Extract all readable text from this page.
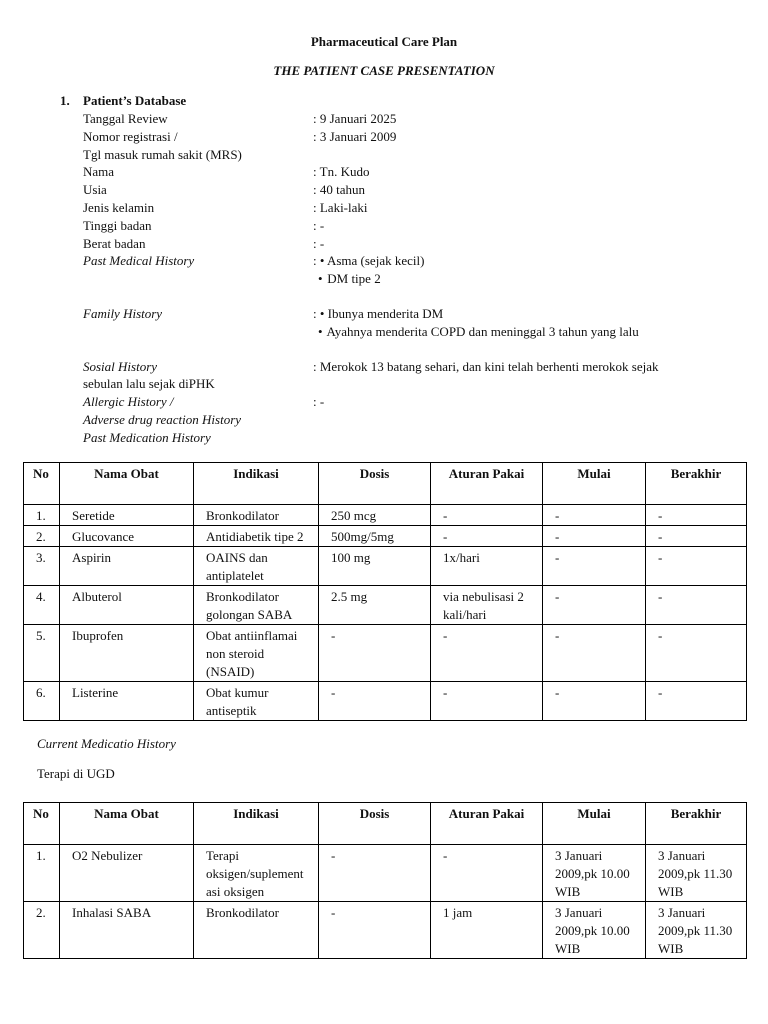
Pharmaceutical Care Plan
THE PATIENT CASE PRESENTATION
1. Patient’s Database
Tanggal Review	: 9 Januari 2025
Nomor registrasi /	: 3 Januari 2009
Tgl masuk rumah sakit (MRS)
Nama	: Tn. Kudo
Usia	: 40 tahun
Jenis kelamin	: Laki-laki
Tinggi badan	: -
Berat badan	: -
Past Medical History	: • Asma (sejak kecil)
• DM tipe 2
Family History	: • Ibunya menderita DM
• Ayahnya menderita COPD dan meninggal 3 tahun yang lalu
Sosial History	: Merokok 13 batang sehari, dan kini telah berhenti merokok sejak
sebulan lalu sejak diPHK
Allergic History /	: -
Adverse drug reaction History
Past Medication History
No	Nama Obat	Indikasi	Dosis	Aturan Pakai	Mulai	Berakhir
1.	Seretide	Bronkodilator	250 mcg	-	-	-
2.	Glucovance	Antidiabetik tipe 2	500mg/5mg	-	-	-
3.	Aspirin	OAINS dan antiplatelet	100 mg	1x/hari	-	-
4.	Albuterol	Bronkodilator golongan SABA	2.5 mg	via nebulisasi 2 kali/hari	-	-
5.	Ibuprofen	Obat antiinflamai non steroid (NSAID)	-	-	-	-
6.	Listerine	Obat kumur antiseptik	-	-	-	-
Current Medicatio History
Terapi di UGD
No	Nama Obat	Indikasi	Dosis	Aturan Pakai	Mulai	Berakhir
1.	O2 Nebulizer	Terapi oksigen/suplement asi oksigen	-	-	3 Januari 2009,pk 10.00 WIB	3 Januari 2009,pk 11.30 WIB
2.	Inhalasi SABA	Bronkodilator	-	1 jam	3 Januari 2009,pk 10.00 WIB	3 Januari 2009,pk 11.30 WIB
